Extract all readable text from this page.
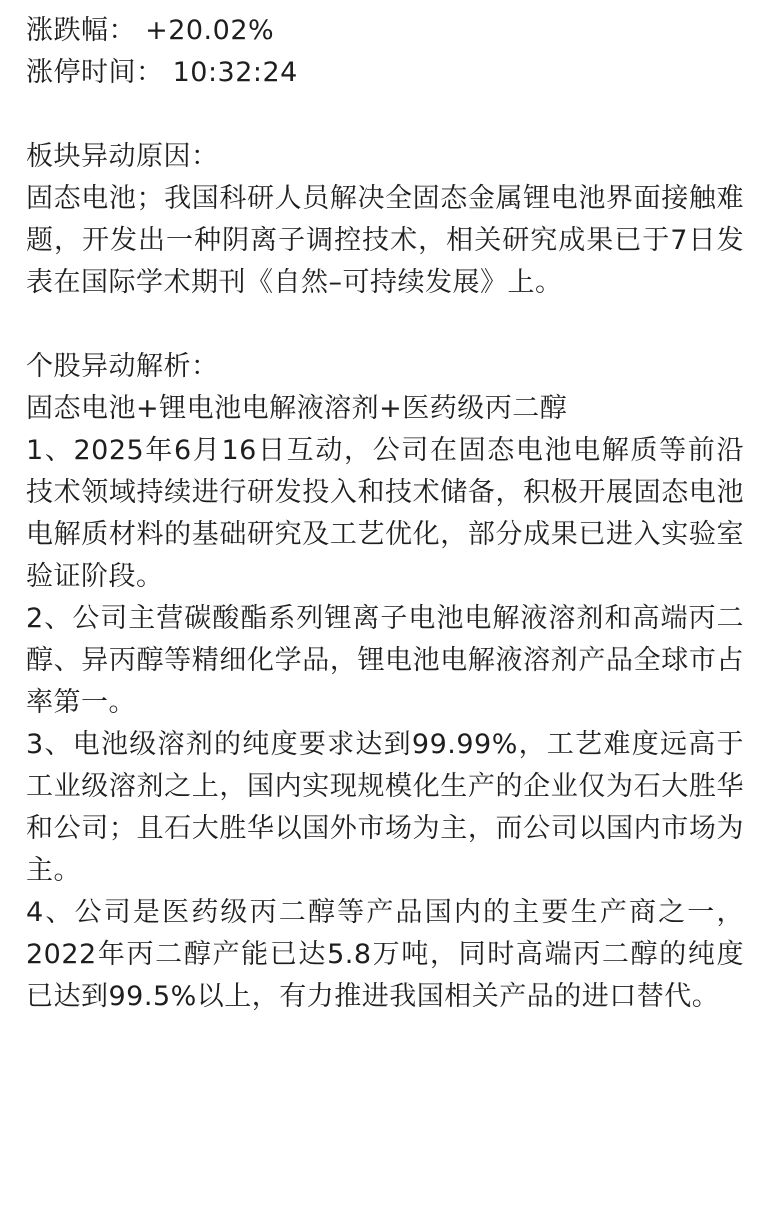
涨跌幅： +20.02%
涨停时间： 10:32:24
板块异动原因：
固态电池；我国科研人员解决全固态金属锂电池界面接触难题，开发出一种阴离子调控技术，相关研究成果已于7日发表在国际学术期刊《自然–可持续发展》上。
个股异动解析：
固态电池+锂电池电解液溶剂+医药级丙二醇
1、2025年6月16日互动，公司在固态电池电解质等前沿技术领域持续进行研发投入和技术储备，积极开展固态电池电解质材料的基础研究及工艺优化，部分成果已进入实验室验证阶段。
2、公司主营碳酸酯系列锂离子电池电解液溶剂和高端丙二醇、异丙醇等精细化学品，锂电池电解液溶剂产品全球市占率第一。
3、电池级溶剂的纯度要求达到99.99%，工艺难度远高于工业级溶剂之上，国内实现规模化生产的企业仅为石大胜华和公司；且石大胜华以国外市场为主，而公司以国内市场为主。
4、公司是医药级丙二醇等产品国内的主要生产商之一，2022年丙二醇产能已达5.8万吨，同时高端丙二醇的纯度已达到99.5%以上，有力推进我国相关产品的进口替代。
